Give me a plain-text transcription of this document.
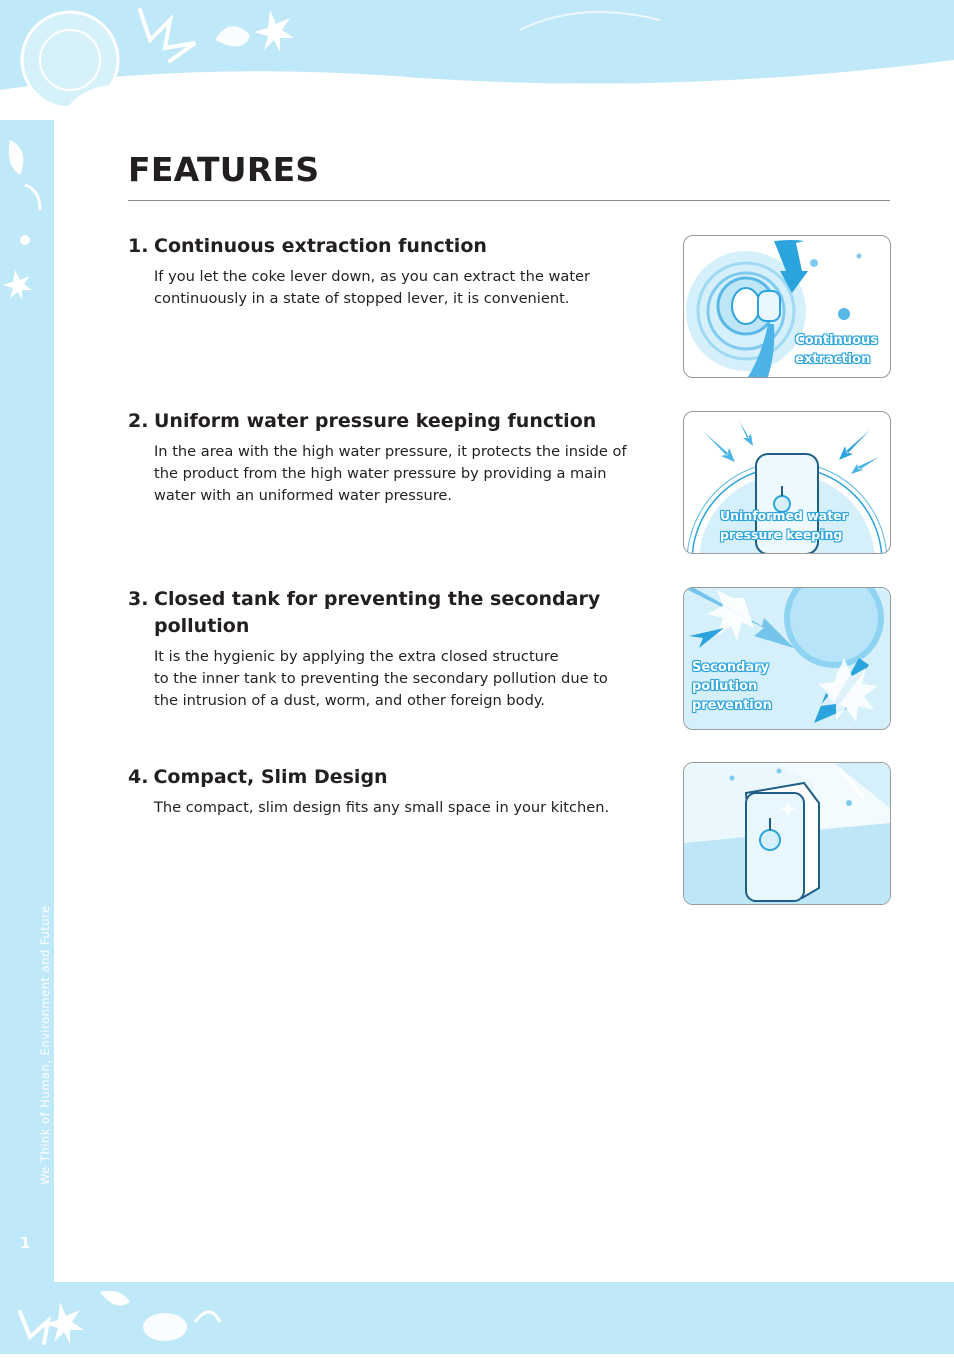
FEATURES
1. Continuous extraction function

If you let the coke lever down, as you can extract the water
continuously in a state of stopped lever, it is convenient.

Continuous
extraction
2. Uniform water pressure keeping function

In the area with the high water pressure, it protects the inside of
the product from the high water pressure by providing a main
water with an uniformed water pressure.

Uninformed water
pressure keeping
3. Closed tank for preventing the secondary
pollution

It is the hygienic by applying the extra closed structure
to the inner tank to preventing the secondary pollution due to
the intrusion of a dust, worm, and other foreign body.

Secondary
pollution
prevention
4. Compact, Slim Design

The compact, slim design fits any small space in your kitchen.

We Think of Human, Environment and Future
1
